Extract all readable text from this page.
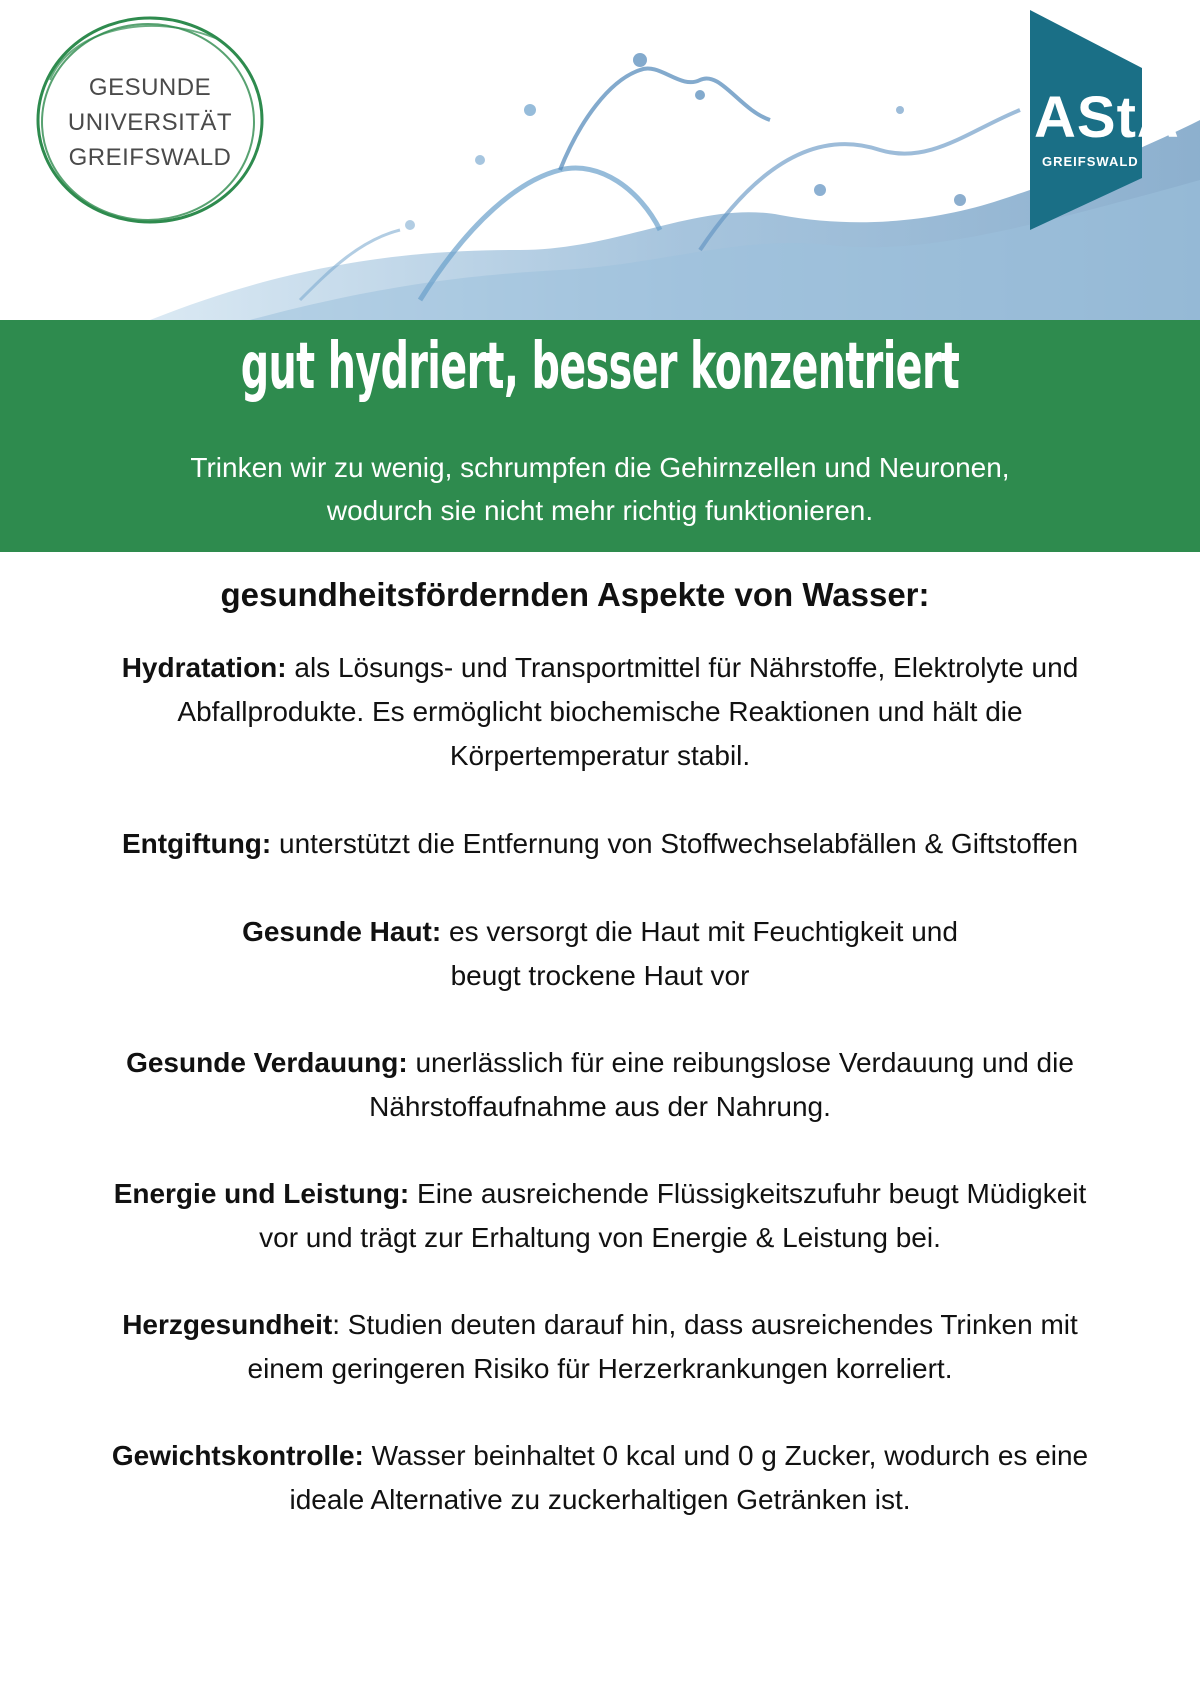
GESUNDE
UNIVERSITÄT
GREIFSWALD
AStA
GREIFSWALD
gut hydriert, besser konzentriert
Trinken wir zu wenig, schrumpfen die Gehirnzellen und Neuronen,
wodurch sie nicht mehr richtig funktionieren.
gesundheitsfördernden Aspekte von Wasser:
Hydratation: als Lösungs- und Transportmittel für Nährstoffe, Elektrolyte und
Abfallprodukte. Es ermöglicht biochemische Reaktionen und hält die
Körpertemperatur stabil.
Entgiftung: unterstützt die Entfernung von Stoffwechselabfällen & Giftstoffen
Gesunde Haut: es versorgt die Haut mit Feuchtigkeit und
beugt trockene Haut vor
Gesunde Verdauung: unerlässlich für eine reibungslose Verdauung und die
Nährstoffaufnahme aus der Nahrung.
Energie und Leistung: Eine ausreichende Flüssigkeitszufuhr beugt Müdigkeit
vor und trägt zur Erhaltung von Energie & Leistung bei.
Herzgesundheit: Studien deuten darauf hin, dass ausreichendes Trinken mit
einem geringeren Risiko für Herzerkrankungen korreliert.
Gewichtskontrolle: Wasser beinhaltet 0 kcal und 0 g Zucker, wodurch es eine
ideale Alternative zu zuckerhaltigen Getränken ist.
